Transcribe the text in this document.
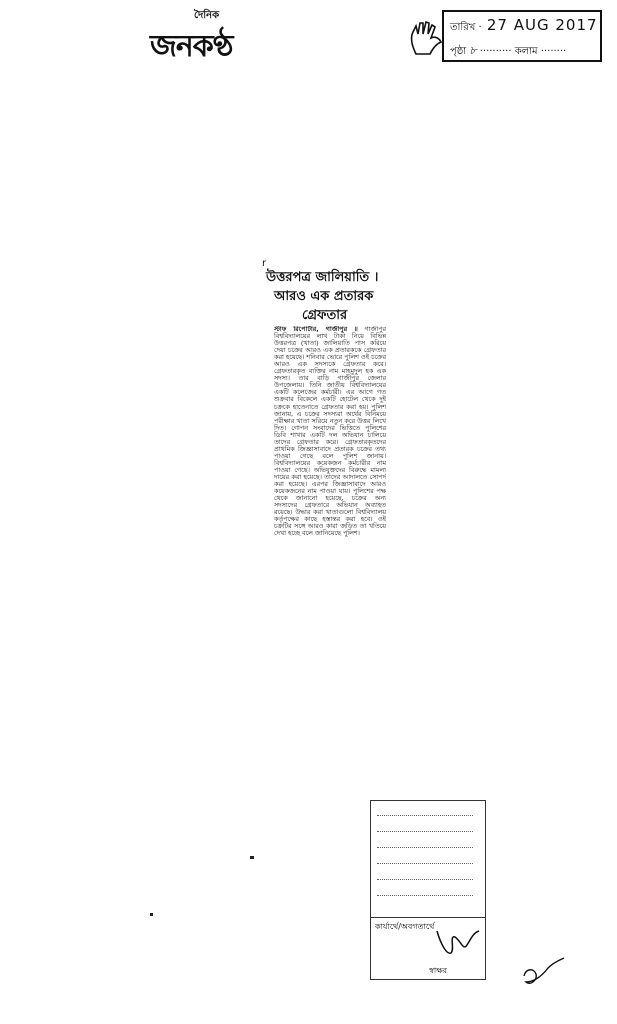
দৈনিক
জনকণ্ঠ
তারিখ · 27 AUG 2017
পৃষ্ঠা ৮ ·········· কলাম ········
r
উত্তরপত্র জালিয়াতি ।
আরও এক প্রতারক
গ্রেফতার
স্টাফ রিপোর্টার, গাজীপুর ॥ গাজীপুর বিশ্ববিদ্যালয়ের লাখ টাকা নিয়ে বিভিন্ন উত্তরপত্র (খাতা) জালিয়াতি পাস করিয়ে দেয়া চক্রের আরও এক প্রতারককে গ্রেফতার করা হয়েছে। শনিবার ভোরে পুলিশ ওই চক্রের আরও এক সদস্যকে গ্রেফতার করে। গ্রেফতারকৃত ব্যক্তির নাম মাহমুদুল হক এক সদস্য। তার বাড়ি গাজীপুর জেলার উপজেলায়। তিনি জাতীয় বিশ্ববিদ্যালয়ের একটি কলেজের কর্মচারী। এর আগে গত শুক্রবার বিকেলে একটি হোটেল থেকে দুই চক্রকে হাতেনাতে গ্রেফতার করা হয়। পুলিশ জানায়, এ চক্রের সদস্যরা অর্থের বিনিময়ে পরীক্ষার খাতা সরিয়ে নতুন করে উত্তর লিখে দিত। গোপন সংবাদের ভিত্তিতে পুলিশের ডিবি শাখার একটি দল অভিযান চালিয়ে তাদের গ্রেফতার করে। গ্রেফতারকৃতদের প্রাথমিক জিজ্ঞাসাবাদে প্রতারক চক্রের তথ্য পাওয়া গেছে বলে পুলিশ জানায়। বিশ্ববিদ্যালয়ের কয়েকজন কর্মচারীর নাম পাওয়া গেছে। অভিযুক্তদের বিরুদ্ধে মামলা দায়ের করা হয়েছে। তাদের আদালতে সোপর্দ করা হয়েছে। এরপর জিজ্ঞাসাবাদে আরও কয়েকজনের নাম পাওয়া যায়। পুলিশের পক্ষ থেকে জানানো হয়েছে, চক্রের অন্য সদস্যদের গ্রেফতারে অভিযান অব্যাহত রয়েছে। উদ্ধার করা খাতাগুলো বিশ্ববিদ্যালয় কর্তৃপক্ষের কাছে হস্তান্তর করা হবে। ওই চক্রটির সঙ্গে আরও কারা জড়িত তা খতিয়ে দেখা হচ্ছে বলে জানিয়েছে পুলিশ।
কার্যার্থে/অবগতার্থে
স্বাক্ষর
